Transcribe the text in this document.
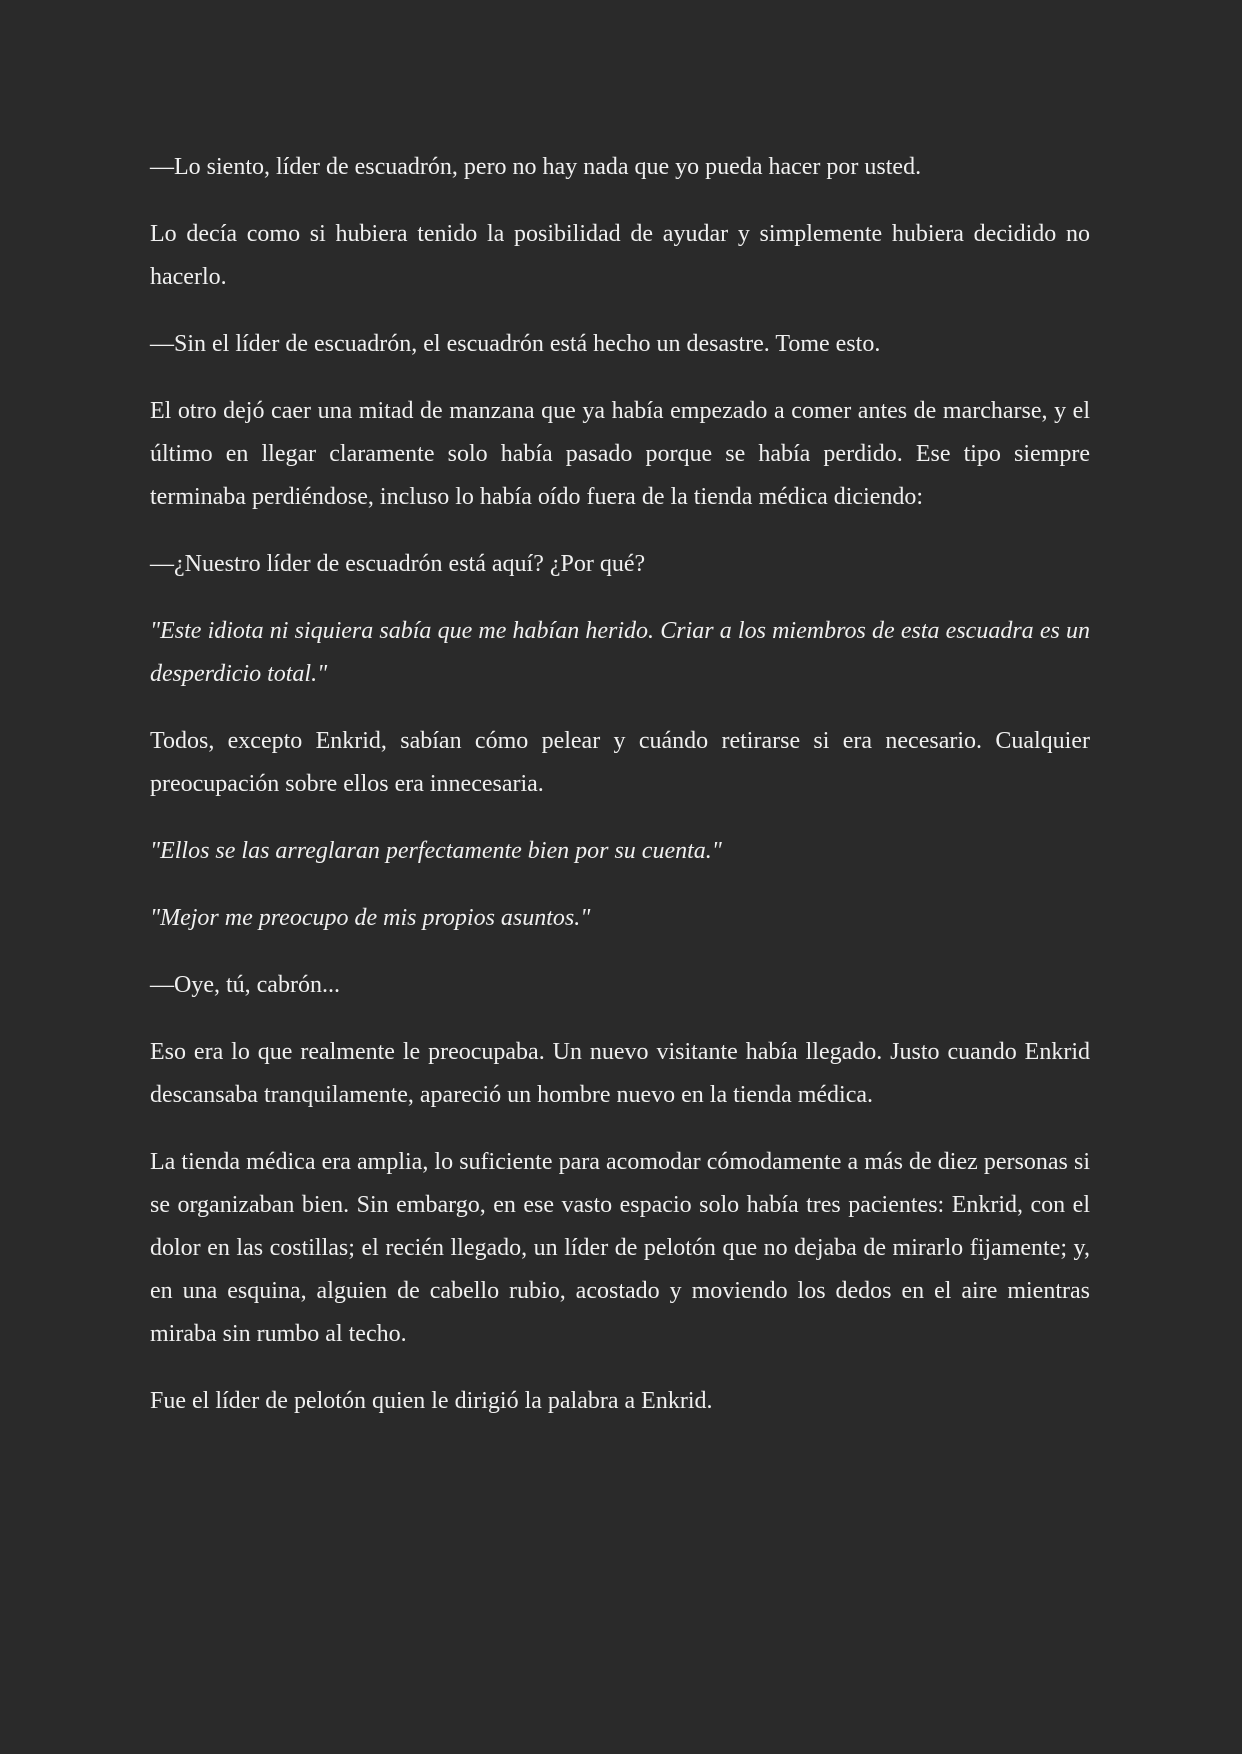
—Lo siento, líder de escuadrón, pero no hay nada que yo pueda hacer por usted.

Lo decía como si hubiera tenido la posibilidad de ayudar y simplemente hubiera decidido no hacerlo.

—Sin el líder de escuadrón, el escuadrón está hecho un desastre. Tome esto.

El otro dejó caer una mitad de manzana que ya había empezado a comer antes de marcharse, y el último en llegar claramente solo había pasado porque se había perdido. Ese tipo siempre terminaba perdiéndose, incluso lo había oído fuera de la tienda médica diciendo:

—¿Nuestro líder de escuadrón está aquí? ¿Por qué?

"Este idiota ni siquiera sabía que me habían herido. Criar a los miembros de esta escuadra es un desperdicio total."

Todos, excepto Enkrid, sabían cómo pelear y cuándo retirarse si era necesario. Cualquier preocupación sobre ellos era innecesaria.

"Ellos se las arreglaran perfectamente bien por su cuenta."

"Mejor me preocupo de mis propios asuntos."

—Oye, tú, cabrón...

Eso era lo que realmente le preocupaba. Un nuevo visitante había llegado. Justo cuando Enkrid descansaba tranquilamente, apareció un hombre nuevo en la tienda médica.

La tienda médica era amplia, lo suficiente para acomodar cómodamente a más de diez personas si se organizaban bien. Sin embargo, en ese vasto espacio solo había tres pacientes: Enkrid, con el dolor en las costillas; el recién llegado, un líder de pelotón que no dejaba de mirarlo fijamente; y, en una esquina, alguien de cabello rubio, acostado y moviendo los dedos en el aire mientras miraba sin rumbo al techo.

Fue el líder de pelotón quien le dirigió la palabra a Enkrid.
